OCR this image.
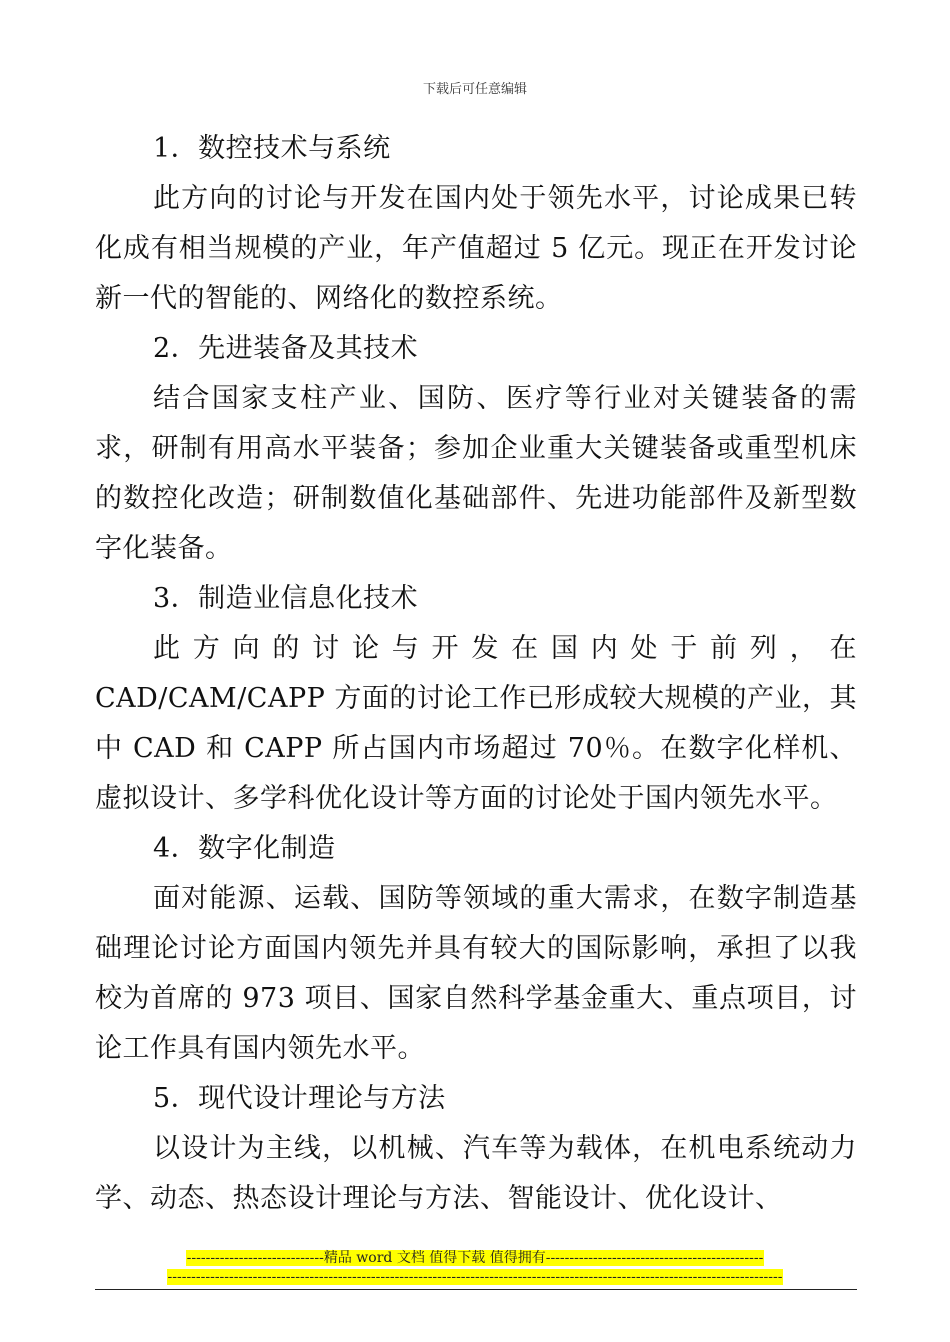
下载后可任意编辑

1．数控技术与系统

此方向的讨论与开发在国内处于领先水平，讨论成果已转化成有相当规模的产业，年产值超过 5 亿元。现正在开发讨论新一代的智能的、网络化的数控系统。

2．先进装备及其技术

结合国家支柱产业、国防、医疗等行业对关键装备的需求，研制有用高水平装备；参加企业重大关键装备或重型机床的数控化改造；研制数值化基础部件、先进功能部件及新型数字化装备。

3．制造业信息化技术

此方向的讨论与开发在国内处于前列，在 CAD/CAM/CAPP 方面的讨论工作已形成较大规模的产业，其中 CAD 和 CAPP 所占国内市场超过 70％。在数字化样机、虚拟设计、多学科优化设计等方面的讨论处于国内领先水平。

4．数字化制造

面对能源、运载、国防等领域的重大需求，在数字制造基础理论讨论方面国内领先并具有较大的国际影响，承担了以我校为首席的 973 项目、国家自然科学基金重大、重点项目，讨论工作具有国内领先水平。

5．现代设计理论与方法

以设计为主线，以机械、汽车等为载体，在机电系统动力学、动态、热态设计理论与方法、智能设计、优化设计、

-----------------------------精品 word 文档 值得下载 值得拥有----------------------------------------------
----------------------------------------------------------------------------------------------------------------------------------
